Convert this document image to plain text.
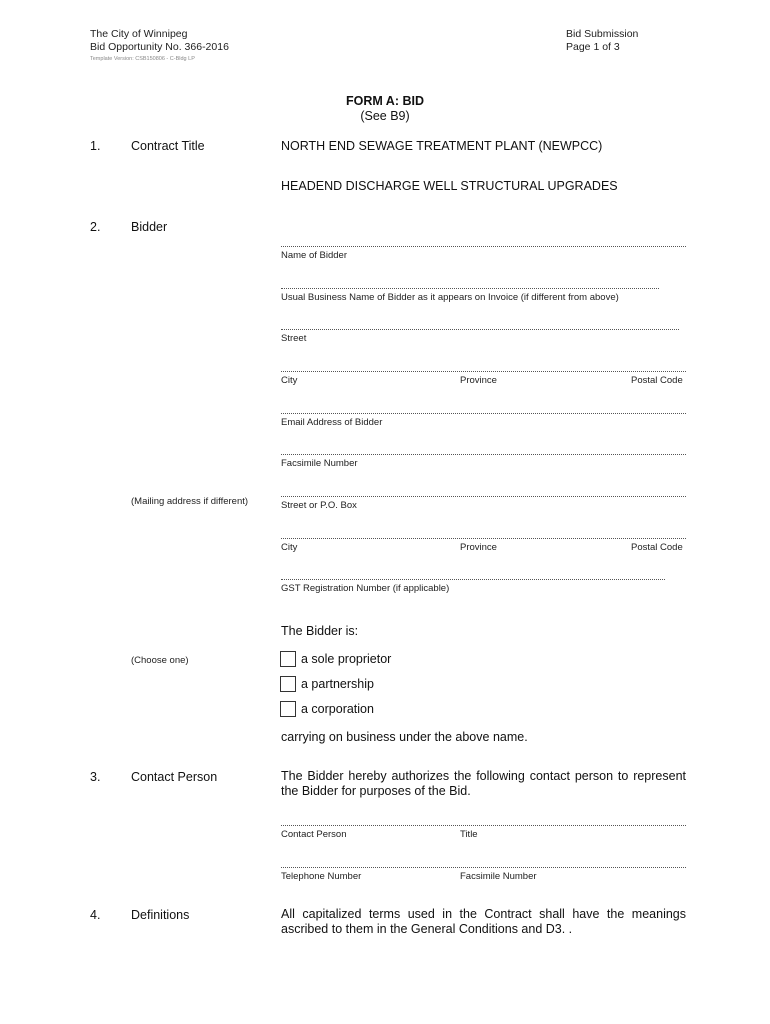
The City of Winnipeg
Bid Opportunity No. 366-2016
Bid Submission
Page 1 of 3
Template Version: CSB150806 - C-Bldg LP
FORM A: BID
(See B9)
1. Contract Title	NORTH END SEWAGE TREATMENT PLANT (NEWPCC)
HEADEND DISCHARGE WELL STRUCTURAL UPGRADES
2. Bidder
Name of Bidder
Usual Business Name of Bidder as it appears on Invoice (if different from above)
Street
City	Province	Postal Code
Email Address of Bidder
Facsimile Number
(Mailing address if different)	Street or P.O. Box
City	Province	Postal Code
GST Registration Number (if applicable)
The Bidder is:
(Choose one)	a sole proprietor
a partnership
a corporation
carrying on business under the above name.
3. Contact Person	The Bidder hereby authorizes the following contact person to represent the Bidder for purposes of the Bid.
Contact Person	Title
Telephone Number	Facsimile Number
4. Definitions	All capitalized terms used in the Contract shall have the meanings ascribed to them in the General Conditions and D3. .
